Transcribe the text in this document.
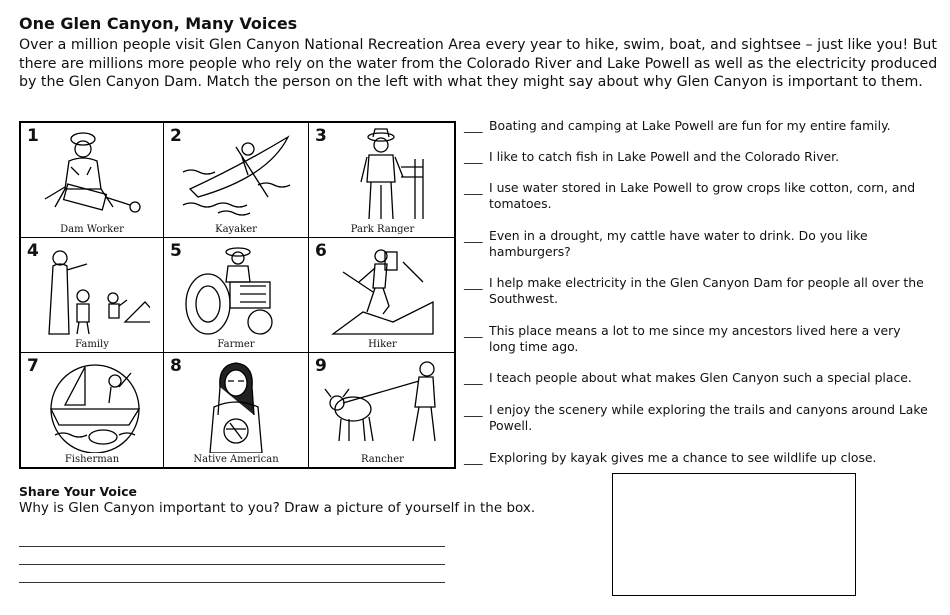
One Glen Canyon, Many Voices
Over a million people visit Glen Canyon National Recreation Area every year to hike, swim, boat, and sightsee – just like you! But there are millions more people who rely on the water from the Colorado River and Lake Powell as well as the electricity produced by the Glen Canyon Dam. Match the person on the left with what they might say about why Glen Canyon is important to them.
1
Dam Worker
2
Kayaker
3
Park Ranger
4
Family
5
Farmer
6
Hiker
7
Fisherman
8
Native American
9
Rancher
___ Boating and camping at Lake Powell are fun for my entire family.
___ I like to catch fish in Lake Powell and the Colorado River.
___ I use water stored in Lake Powell to grow crops like cotton, corn, and tomatoes.
___ Even in a drought, my cattle have water to drink. Do you like hamburgers?
___ I help make electricity in the Glen Canyon Dam for people all over the Southwest.
___ This place means a lot to me since my ancestors lived here a very long time ago.
___ I teach people about what makes Glen Canyon such a special place.
___ I enjoy the scenery while exploring the trails and canyons around Lake Powell.
___ Exploring by kayak gives me a chance to see wildlife up close.
Share Your Voice
Why is Glen Canyon important to you? Draw a picture of yourself in the box.
